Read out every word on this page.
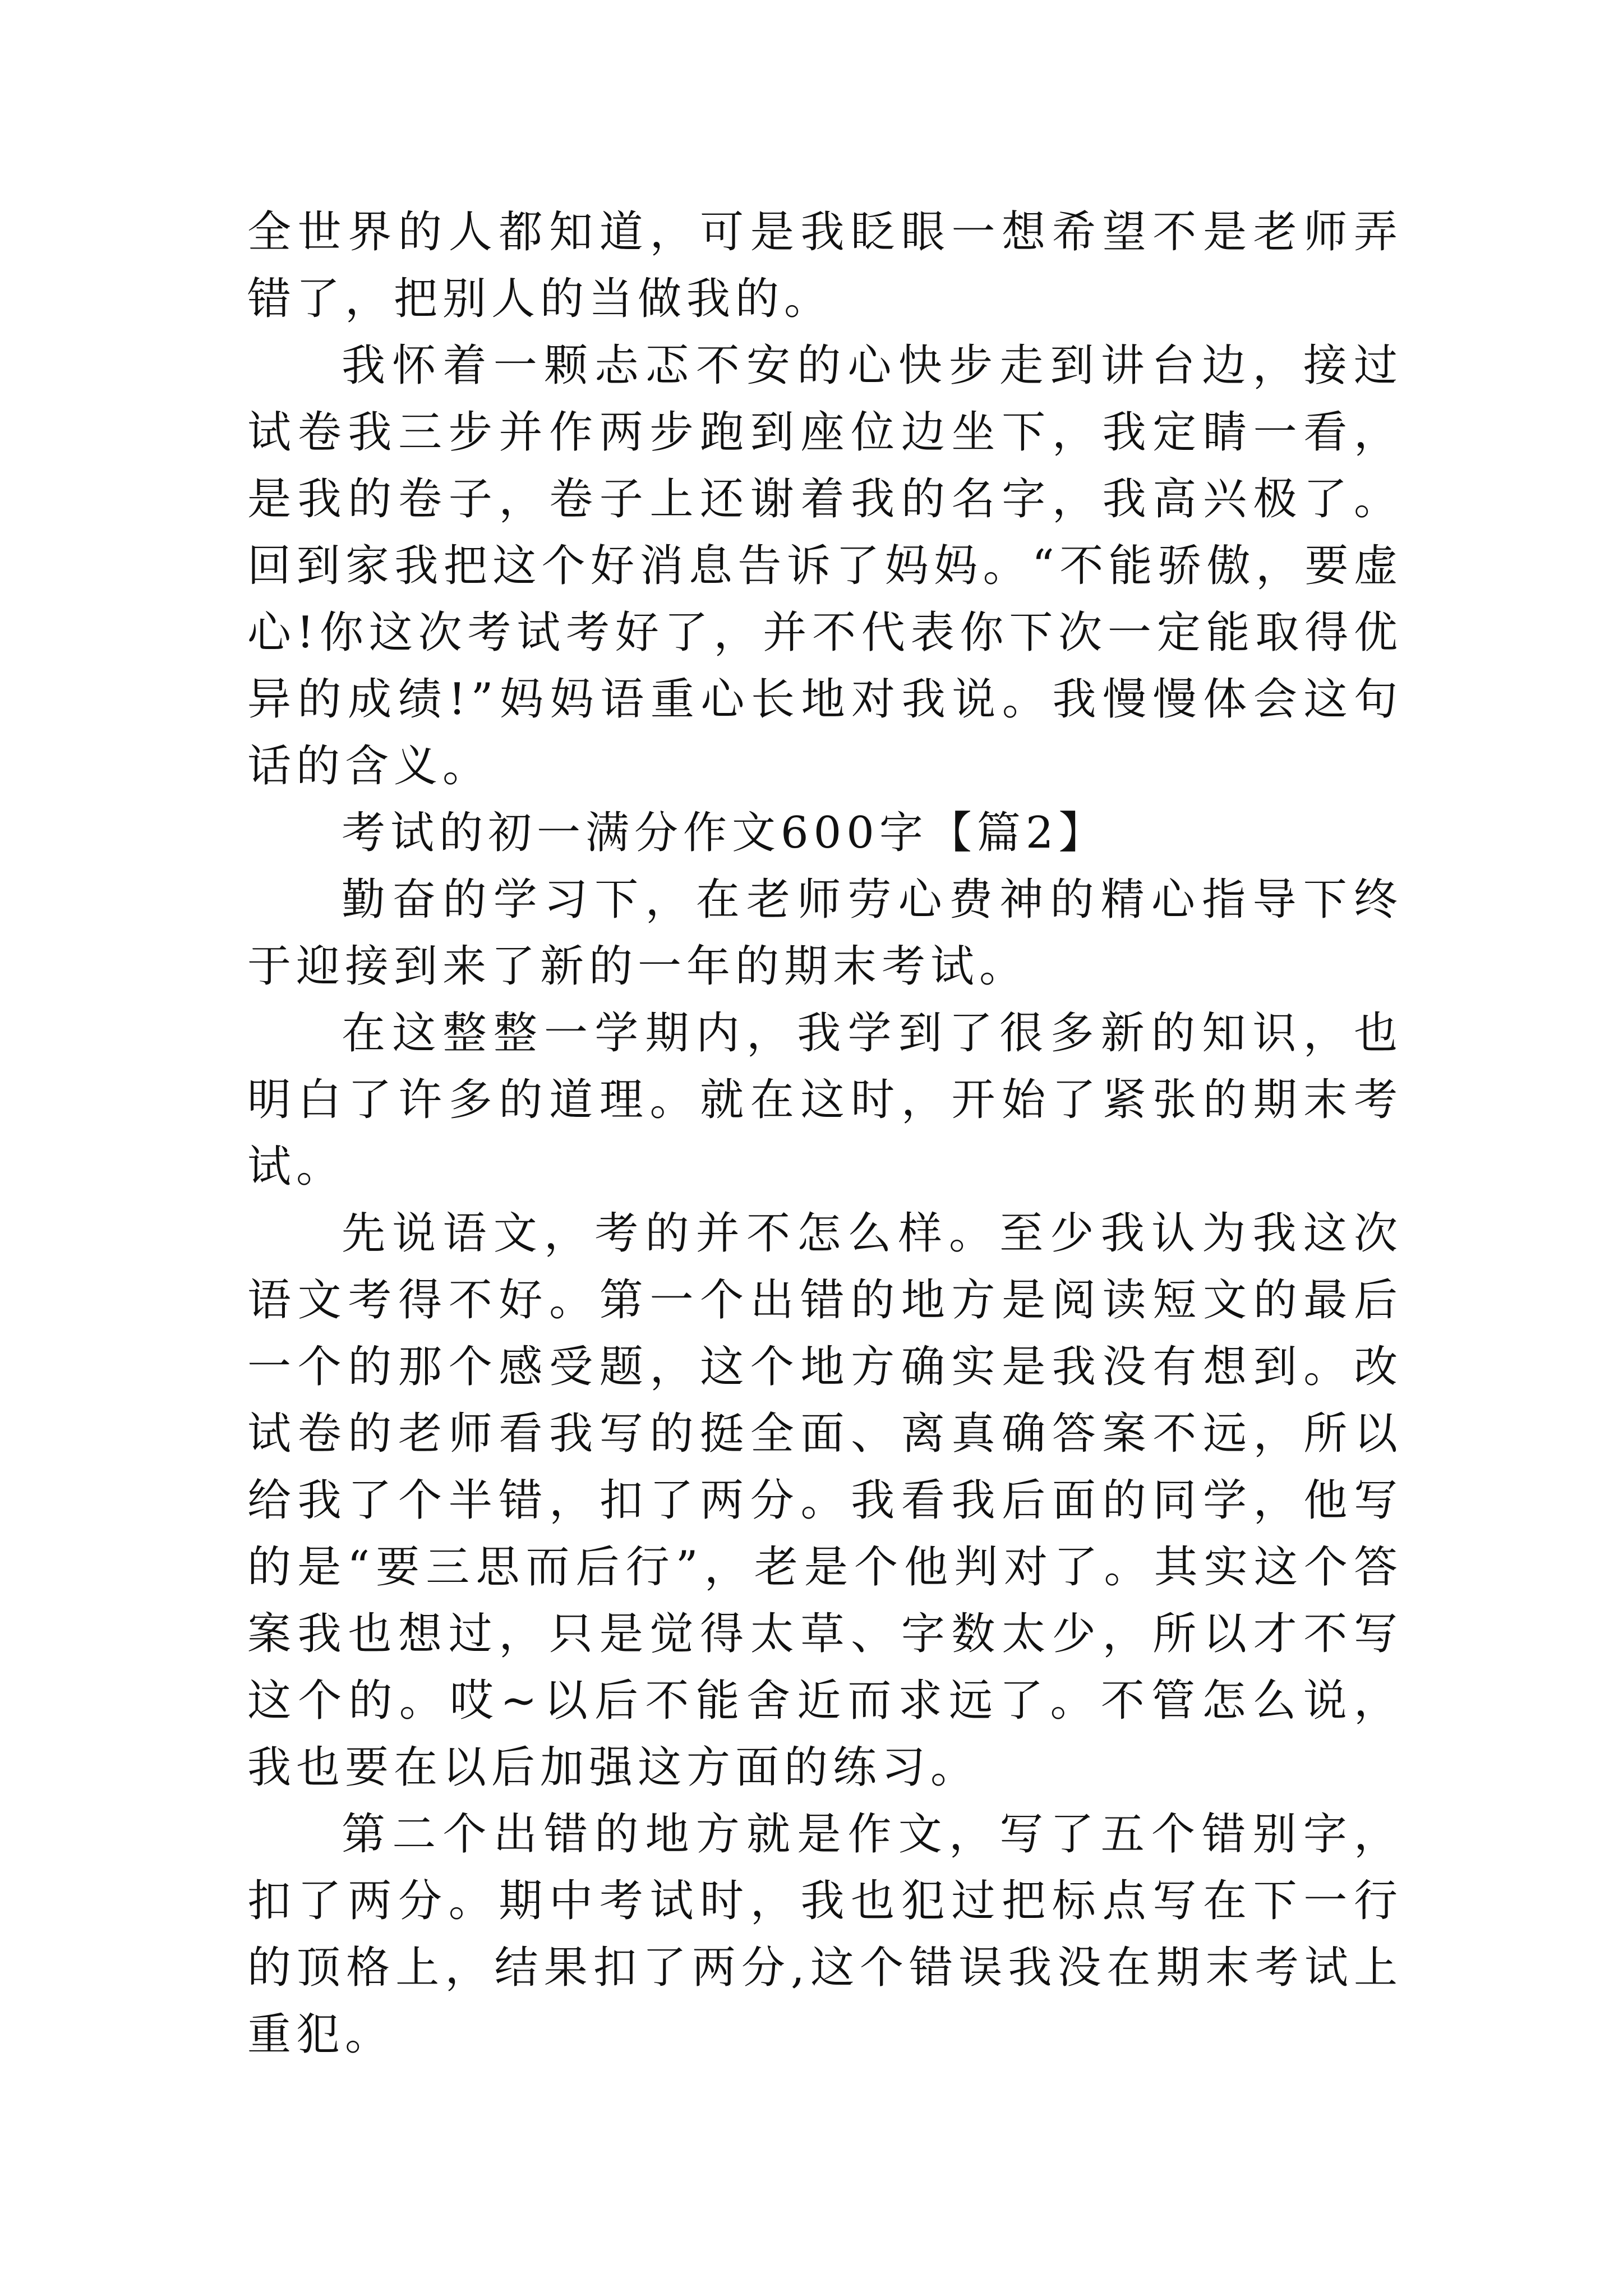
全世界的人都知道，可是我眨眼一想希望不是老师弄错了，把别人的当做我的。

我怀着一颗忐忑不安的心快步走到讲台边，接过试卷我三步并作两步跑到座位边坐下，我定睛一看，是我的卷子，卷子上还谢着我的名字，我高兴极了。回到家我把这个好消息告诉了妈妈。“不能骄傲，要虚心!你这次考试考好了，并不代表你下次一定能取得优异的成绩!”妈妈语重心长地对我说。我慢慢体会这句话的含义。

考试的初一满分作文600字【篇2】

勤奋的学习下，在老师劳心费神的精心指导下终于迎接到来了新的一年的期末考试。

在这整整一学期内，我学到了很多新的知识，也明白了许多的道理。就在这时，开始了紧张的期末考试。

先说语文，考的并不怎么样。至少我认为我这次语文考得不好。第一个出错的地方是阅读短文的最后一个的那个感受题，这个地方确实是我没有想到。改试卷的老师看我写的挺全面、离真确答案不远，所以给我了个半错，扣了两分。我看我后面的同学，他写的是“要三思而后行”，老是个他判对了。其实这个答案我也想过，只是觉得太草、字数太少，所以才不写这个的。哎~以后不能舍近而求远了。不管怎么说，我也要在以后加强这方面的练习。

第二个出错的地方就是作文，写了五个错别字，扣了两分。期中考试时，我也犯过把标点写在下一行的顶格上，结果扣了两分,这个错误我没在期末考试上重犯。
